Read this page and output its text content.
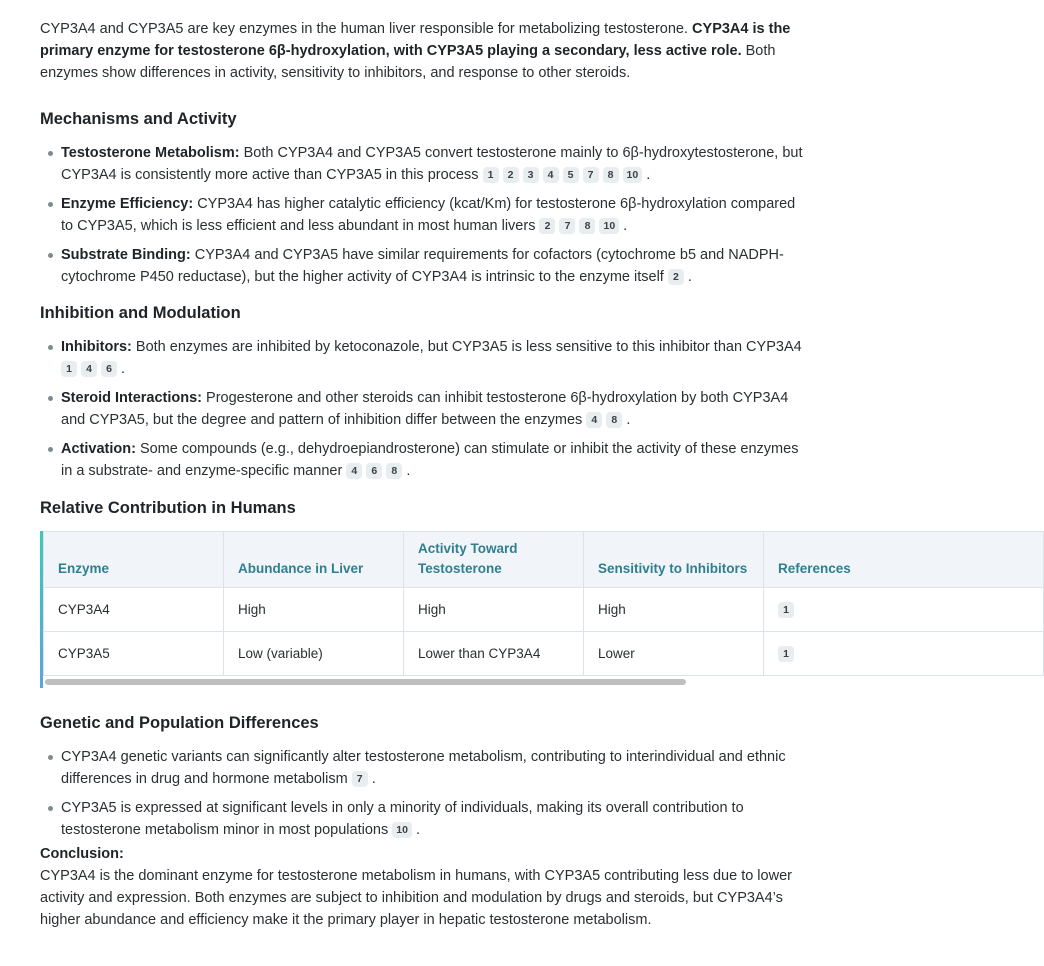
CYP3A4 and CYP3A5 are key enzymes in the human liver responsible for metabolizing testosterone. CYP3A4 is the primary enzyme for testosterone 6β-hydroxylation, with CYP3A5 playing a secondary, less active role. Both enzymes show differences in activity, sensitivity to inhibitors, and response to other steroids.

Mechanisms and Activity
Testosterone Metabolism: Both CYP3A4 and CYP3A5 convert testosterone mainly to 6β-hydroxytestosterone, but CYP3A4 is consistently more active than CYP3A5 in this process 1 2 3 4 5 7 8 10 .
Enzyme Efficiency: CYP3A4 has higher catalytic efficiency (kcat/Km) for testosterone 6β-hydroxylation compared to CYP3A5, which is less efficient and less abundant in most human livers 2 7 8 10 .
Substrate Binding: CYP3A4 and CYP3A5 have similar requirements for cofactors (cytochrome b5 and NADPH-cytochrome P450 reductase), but the higher activity of CYP3A4 is intrinsic to the enzyme itself 2 .
Inhibition and Modulation
Inhibitors: Both enzymes are inhibited by ketoconazole, but CYP3A5 is less sensitive to this inhibitor than CYP3A4 1 4 6 .
Steroid Interactions: Progesterone and other steroids can inhibit testosterone 6β-hydroxylation by both CYP3A4 and CYP3A5, but the degree and pattern of inhibition differ between the enzymes 4 8 .
Activation: Some compounds (e.g., dehydroepiandrosterone) can stimulate or inhibit the activity of these enzymes in a substrate- and enzyme-specific manner 4 6 8 .
Relative Contribution in Humans
Enzyme	Abundance in Liver	Activity Toward Testosterone	Sensitivity to Inhibitors	References
CYP3A4	High	High	High	1
CYP3A5	Low (variable)	Lower than CYP3A4	Lower	1
Genetic and Population Differences
CYP3A4 genetic variants can significantly alter testosterone metabolism, contributing to interindividual and ethnic differences in drug and hormone metabolism 7 .
CYP3A5 is expressed at significant levels in only a minority of individuals, making its overall contribution to testosterone metabolism minor in most populations 10 .

Conclusion:

CYP3A4 is the dominant enzyme for testosterone metabolism in humans, with CYP3A5 contributing less due to lower activity and expression. Both enzymes are subject to inhibition and modulation by drugs and steroids, but CYP3A4’s higher abundance and efficiency make it the primary player in hepatic testosterone metabolism.
